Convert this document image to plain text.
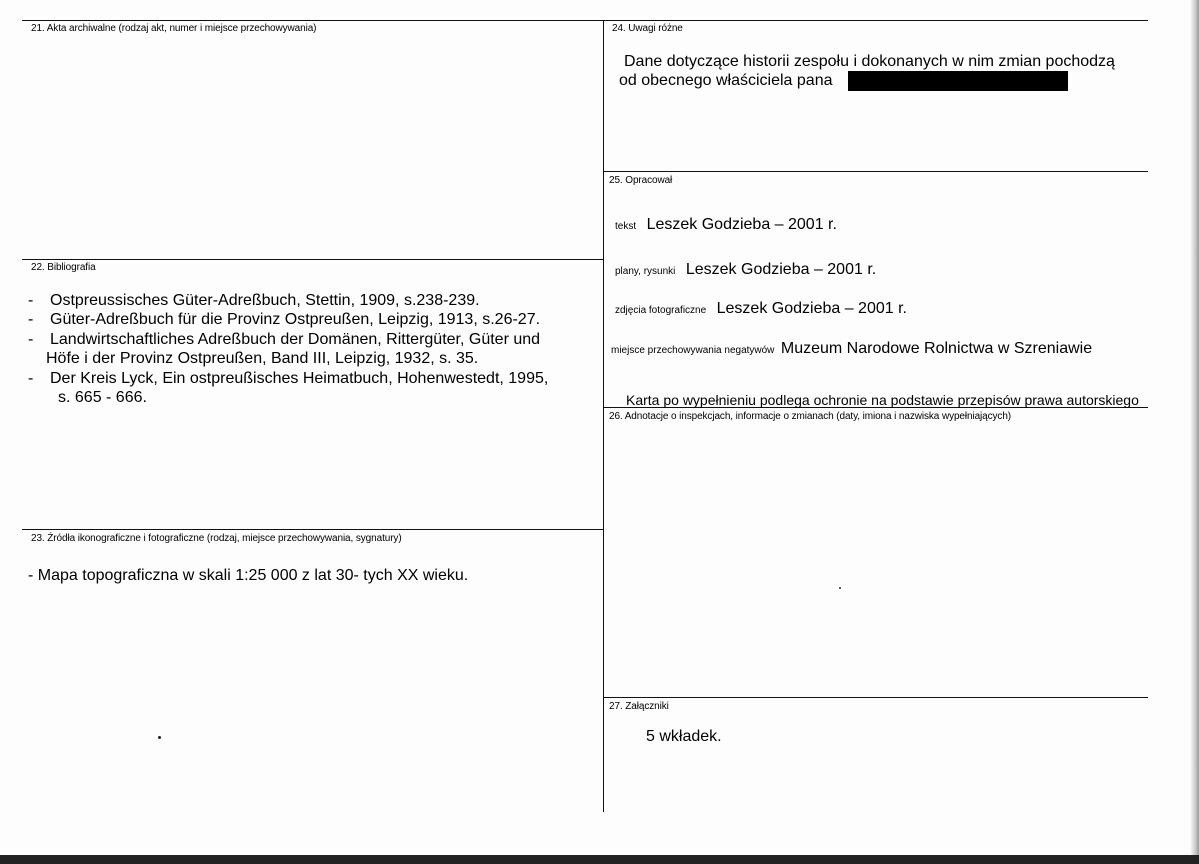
21. Akta archiwalne (rodzaj akt, numer i miejsce przechowywania)
22. Bibliografia
- Ostpreussisches Güter-Adreßbuch, Stettin, 1909, s.238-239.
- Güter-Adreßbuch für die Provinz Ostpreußen, Leipzig, 1913, s.26-27.
- Landwirtschaftliches Adreßbuch der Domänen, Rittergüter, Güter und
Höfe i der Provinz Ostpreußen, Band III, Leipzig, 1932, s. 35.
- Der Kreis Lyck, Ein ostpreußisches Heimatbuch, Hohenwestedt, 1995,
s. 665 - 666.
23. Źródła ikonograficzne i fotograficzne (rodzaj, miejsce przechowywania, sygnatury)
- Mapa topograficzna w skali 1:25 000 z lat 30- tych XX wieku.
24. Uwagi różne
Dane dotyczące historii zespołu i dokonanych w nim zmian pochodzą
od obecnego właściciela pana
25. Opracował
tekst Leszek Godzieba – 2001 r.
plany, rysunki Leszek Godzieba – 2001 r.
zdjęcia fotograficzne Leszek Godzieba – 2001 r.
miejsce przechowywania negatywów Muzeum Narodowe Rolnictwa w Szreniawie
Karta po wypełnieniu podlega ochronie na podstawie przepisów prawa autorskiego
26. Adnotacje o inspekcjach, informacje o zmianach (daty, imiona i nazwiska wypełniających)
27. Załączniki
5 wkładek.
